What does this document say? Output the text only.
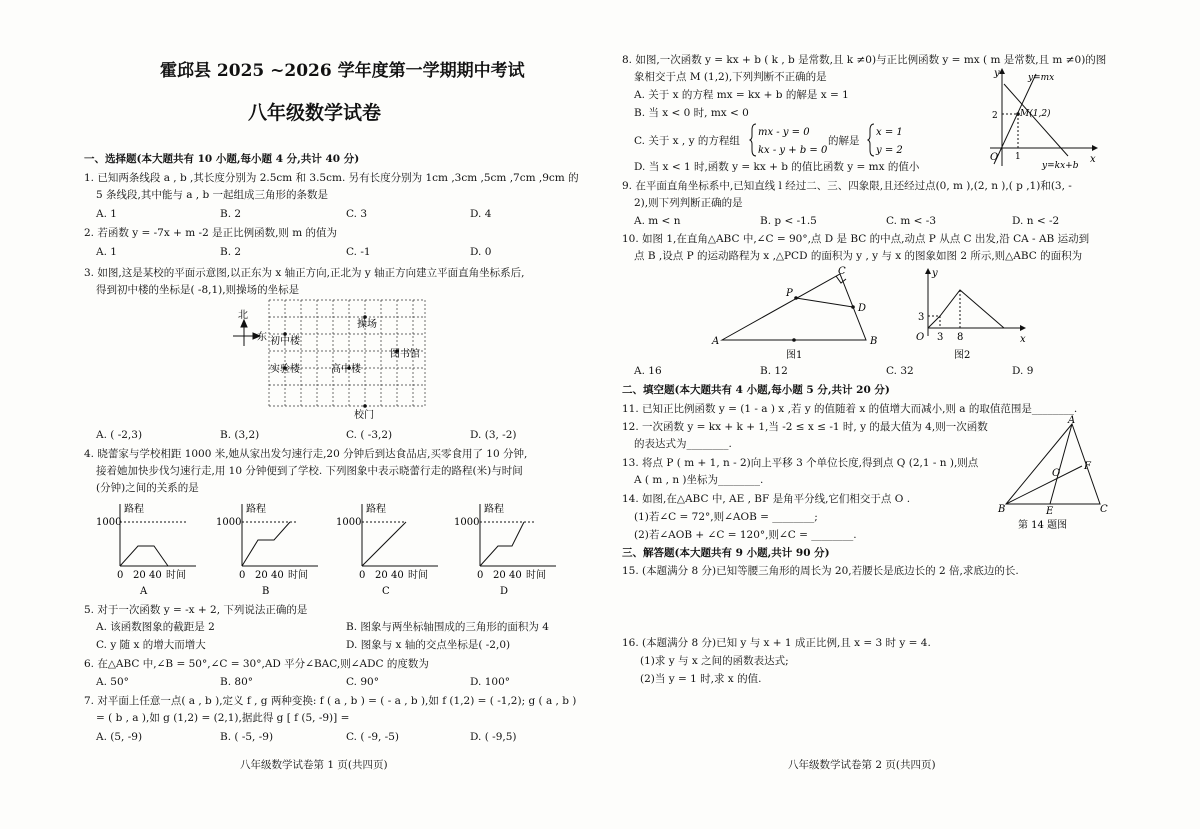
霍邱县 2025 ~2026 学年度第一学期期中考试
八年级数学试卷
一、选择题(本大题共有 10 小题,每小题 4 分,共计 40 分)
1. 已知两条线段 a , b ,其长度分别为 2.5cm 和 3.5cm. 另有长度分别为 1cm ,3cm ,5cm ,7cm ,9cm 的
5 条线段,其中能与 a , b 一起组成三角形的条数是
A. 1	B. 2	C. 3	D. 4
2. 若函数 y = -7x + m -2 是正比例函数,则 m 的值为
A. 1	B. 2	C. -1	D. 0
3. 如图,这是某校的平面示意图,以正东为 x 轴正方向,正北为 y 轴正方向建立平面直角坐标系后,
得到初中楼的坐标是( -8,1),则操场的坐标是
北
东
操场
初中楼
图书馆
实验楼	高中楼
校门
A. ( -2,3)	B. (3,2)	C. ( -3,2)	D. (3, -2)
4. 晓蕾家与学校相距 1000 米,她从家出发匀速行走,20 分钟后到达食品店,买零食用了 10 分钟,
接着她加快步伐匀速行走,用 10 分钟便到了学校. 下列图象中表示晓蕾行走的路程(米)与时间
(分钟)之间的关系的是
路程
1000
0 20 40 时间
A
路程
1000
0 20 40 时间
B
路程
1000
0 20 40 时间
C
路程
1000
0 20 40 时间
D
5. 对于一次函数 y = -x + 2, 下列说法正确的是
A. 该函数图象的截距是 2	B. 图象与两坐标轴围成的三角形的面积为 4
C. y 随 x 的增大而增大	D. 图象与 x 轴的交点坐标是( -2,0)
6. 在△ABC 中,∠B = 50°,∠C = 30°,AD 平分∠BAC,则∠ADC 的度数为
A. 50°	B. 80°	C. 90°	D. 100°
7. 对平面上任意一点( a , b ),定义 f , g 两种变换: f ( a , b ) = ( - a , b ),如 f (1,2) = ( -1,2); g ( a , b )
= ( b , a ),如 g (1,2) = (2,1),据此得 g [ f (5, -9)] =
A. (5, -9)	B. ( -5, -9)	C. ( -9, -5)	D. ( -9,5)
八年级数学试卷第 1 页(共四页)
8. 如图,一次函数 y = kx + b ( k , b 是常数,且 k ≠0)与正比例函数 y = mx ( m 是常数,且 m ≠0)的图
象相交于点 M (1,2),下列判断不正确的是
A. 关于 x 的方程 mx = kx + b 的解是 x = 1
B. 当 x < 0 时, mx < 0
C. 关于 x , y 的方程组
mx - y = 0
kx - y + b = 0
x = 1
y = 2
的解是
D. 当 x < 1 时,函数 y = kx + b 的值比函数 y = mx 的值小
y
x
O
y=mx
y=kx+b
M(1,2)
2
1
9. 在平面直角坐标系中,已知直线 l 经过二、三、四象限,且还经过点(0, m ),(2, n ),( p ,1)和(3, -
2),则下列判断正确的是
A. m < n	B. p < -1.5	C. m < -3	D. n < -2
10. 如图 1,在直角△ABC 中,∠C = 90°,点 D 是 BC 的中点,动点 P 从点 C 出发,沿 CA - AB 运动到
点 B ,设点 P 的运动路程为 x ,△PCD 的面积为 y , y 与 x 的图象如图 2 所示,则△ABC 的面积为
A	B
C
D
P
图1
y
x
O
3
3 8
图2
A. 16	B. 12	C. 32	D. 9
二、填空题(本大题共有 4 小题,每小题 5 分,共计 20 分)
11. 已知正比例函数 y = (1 - a ) x ,若 y 的值随着 x 的值增大而减小,则 a 的取值范围是________.
12. 一次函数 y = kx + k + 1,当 -2 ≤ x ≤ -1 时, y 的最大值为 4,则一次函数
的表达式为________.
13. 将点 P ( m + 1, n - 2)向上平移 3 个单位长度,得到点 Q (2,1 - n ),则点
A ( m , n )坐标为________.
14. 如图,在△ABC 中, AE , BF 是角平分线,它们相交于点 O .
(1)若∠C = 72°,则∠AOB = ________;
(2)若∠AOB + ∠C = 120°,则∠C = ________.
A
B	C
E
F
O
第 14 题图
三、解答题(本大题共有 9 小题,共计 90 分)
15. (本题满分 8 分)已知等腰三角形的周长为 20,若腰长是底边长的 2 倍,求底边的长.
16. (本题满分 8 分)已知 y 与 x + 1 成正比例,且 x = 3 时 y = 4.
(1)求 y 与 x 之间的函数表达式;
(2)当 y = 1 时,求 x 的值.
八年级数学试卷第 2 页(共四页)
